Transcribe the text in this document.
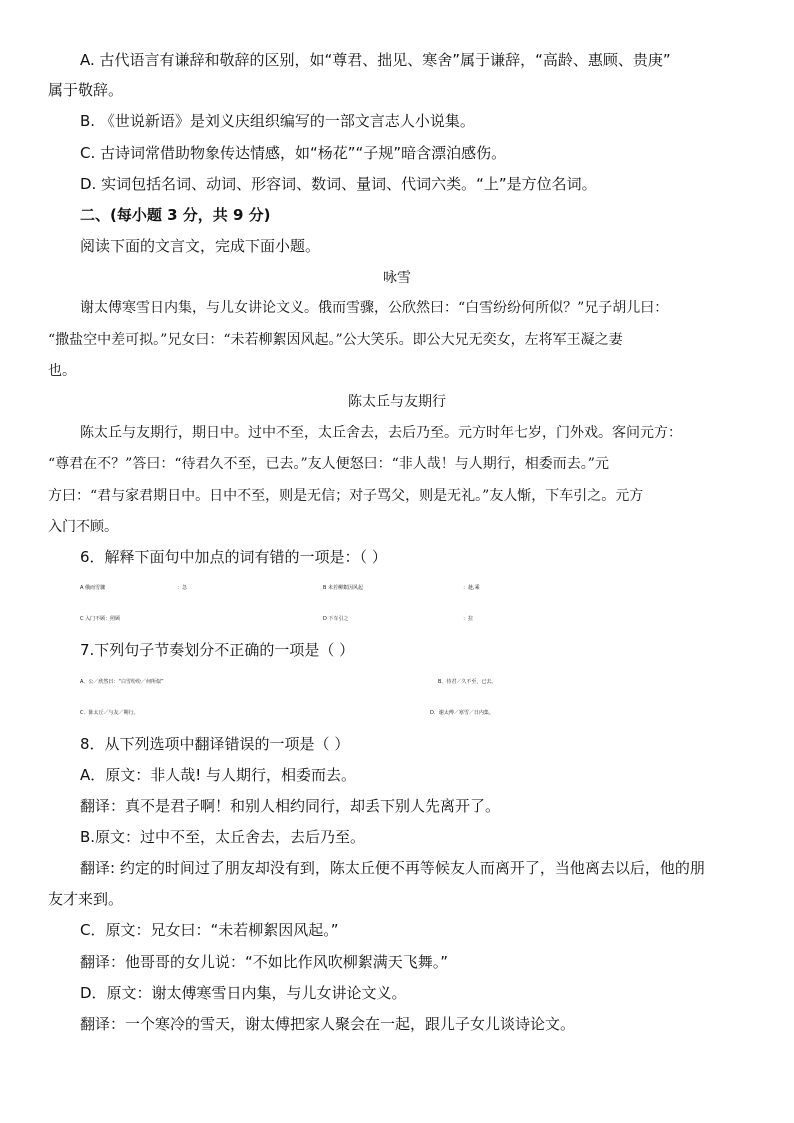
A. 古代语言有谦辞和敬辞的区别，如“尊君、拙见、寒舍”属于谦辞，“高龄、惠顾、贵庚”
属于敬辞。
B. 《世说新语》是刘义庆组织编写的一部文言志人小说集。
C. 古诗词常借助物象传达情感，如“杨花”“子规”暗含漂泊感伤。
D. 实词包括名词、动词、形容词、数词、量词、代词六类。“上”是方位名词。
二、(每小题 3 分，共 9 分)
阅读下面的文言文，完成下面小题。
咏雪
谢太傅寒雪日内集，与儿女讲论文义。俄而雪骤，公欣然曰：“白雪纷纷何所似？”兄子胡儿曰：
“撒盐空中差可拟。”兄女曰：“未若柳絮因风起。”公大笑乐。即公大兄无奕女，左将军王凝之妻
也。
陈太丘与友期行
陈太丘与友期行，期日中。过中不至，太丘舍去，去后乃至。元方时年七岁，门外戏。客问元方：
“尊君在不？”答曰：“待君久不至，已去。”友人便怒曰：“非人哉！与人期行，相委而去。”元
方曰：“君与家君期日中。日中不至，则是无信；对子骂父，则是无礼。”友人惭，下车引之。元方
入门不顾。
6．解释下面句中加点的词有错的一项是：（ ）
A 俄而雪骤	：急	B 未若柳絮因风起	：趁,乘
C 入门不顾：照顾	D 下车引之	：拉
7.下列句子节奏划分不正确的一项是（ ）
A．公／欣然曰：“白雪纷纷／何所似”	B．待君／久不至，已去。
C．陈太丘／与友／期行。	D．谢太傅／寒雪／日内集。
8．从下列选项中翻译错误的一项是（ ）
A．原文：非人哉! 与人期行，相委而去。
翻译：真不是君子啊！和别人相约同行，却丢下别人先离开了。
B.原文：过中不至，太丘舍去，去后乃至。
翻译: 约定的时间过了朋友却没有到，陈太丘便不再等候友人而离开了，当他离去以后，他的朋
友才来到。
C．原文：兄女曰：“未若柳絮因风起。”
翻译：他哥哥的女儿说：“不如比作风吹柳絮满天飞舞。”
D．原文：谢太傅寒雪日内集，与儿女讲论文义。
翻译：一个寒冷的雪天，谢太傅把家人聚会在一起，跟儿子女儿谈诗论文。
